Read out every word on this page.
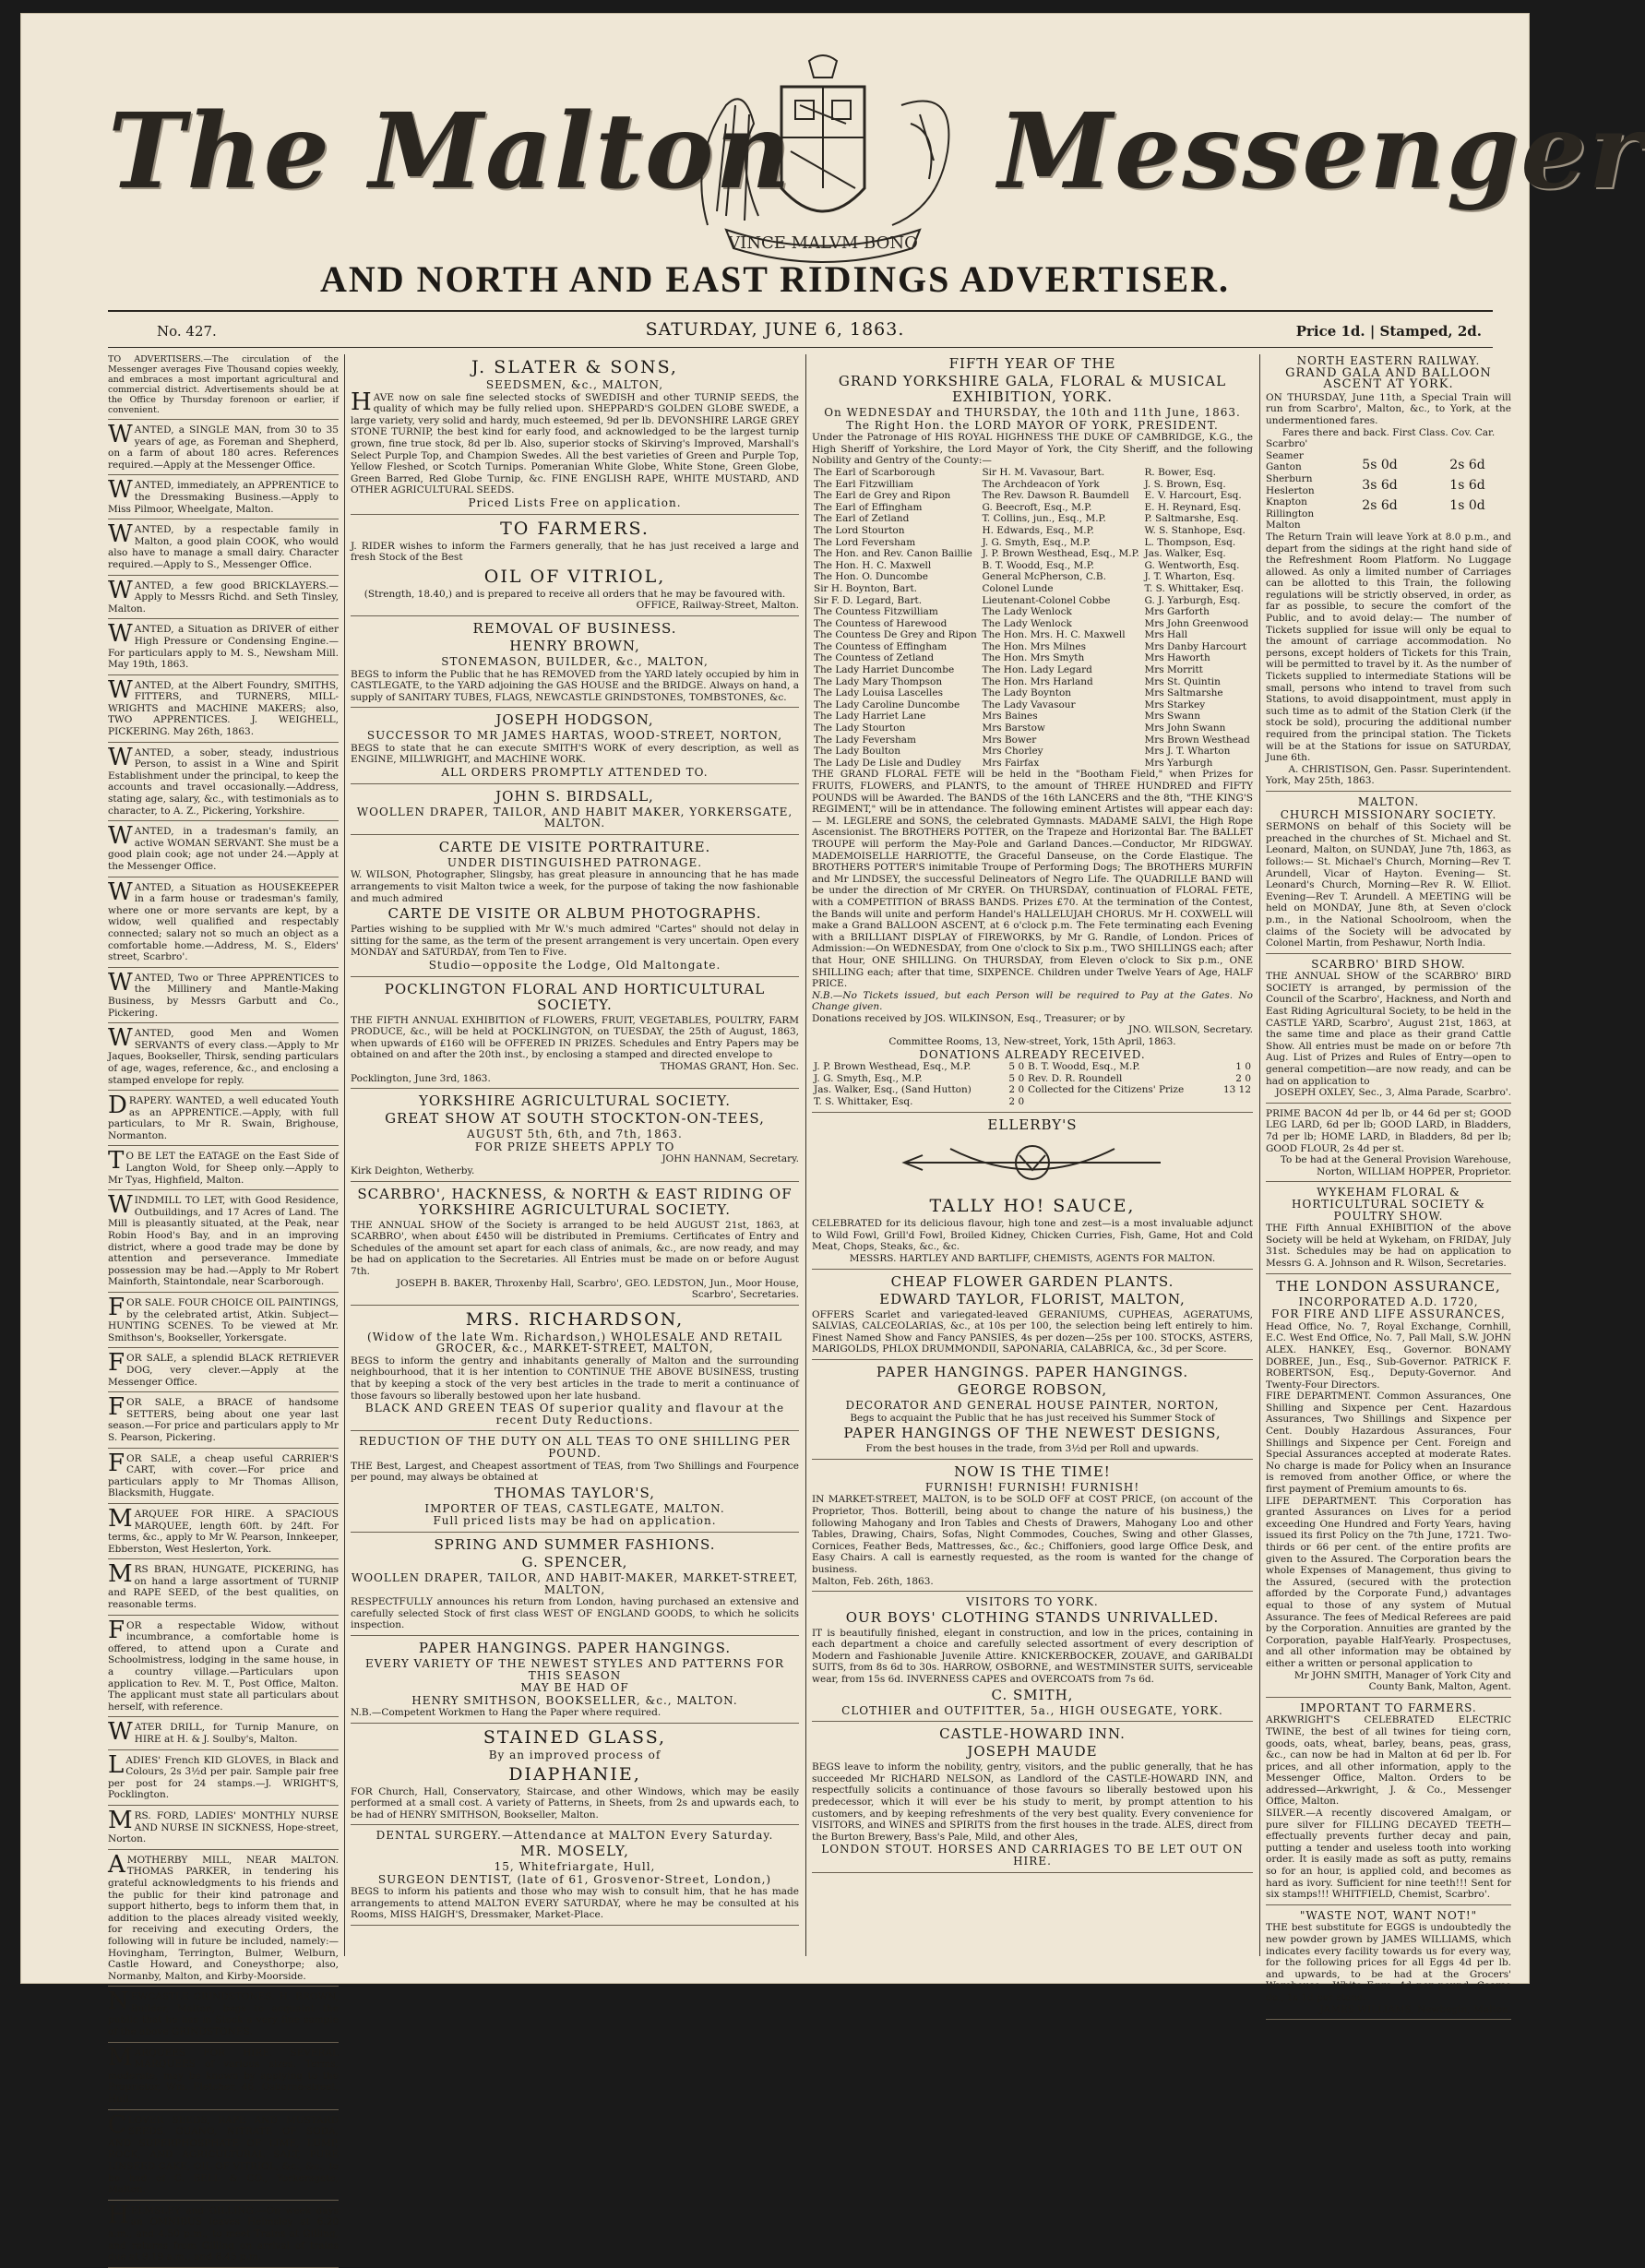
The Malton
VINCE MALVM BONO
Messenger
AND NORTH AND EAST RIDINGS ADVERTISER.
No. 427.	SATURDAY, JUNE 6, 1863.	Price 1d. | Stamped, 2d.

TO ADVERTISERS.—The circulation of the Messenger averages Five Thousand copies weekly, and embraces a most important agricultural and commercial district. Advertisements should be at the Office by Thursday forenoon or earlier, if convenient.

WANTED, a SINGLE MAN, from 30 to 35 years of age, as Foreman and Shepherd, on a farm of about 180 acres. References required.—Apply at the Messenger Office.

WANTED, immediately, an APPRENTICE to the Dressmaking Business.—Apply to Miss Pilmoor, Wheelgate, Malton.

WANTED, by a respectable family in Malton, a good plain COOK, who would also have to manage a small dairy. Character required.—Apply to S., Messenger Office.

WANTED, a few good BRICKLAYERS.—Apply to Messrs Richd. and Seth Tinsley, Malton.

WANTED, a Situation as DRIVER of either High Pressure or Condensing Engine.—For particulars apply to M. S., Newsham Mill. May 19th, 1863.

WANTED, at the Albert Foundry, SMITHS, FITTERS, and TURNERS, MILL-WRIGHTS and MACHINE MAKERS; also, TWO APPRENTICES. J. WEIGHELL, PICKERING. May 26th, 1863.

WANTED, a sober, steady, industrious Person, to assist in a Wine and Spirit Establishment under the principal, to keep the accounts and travel occasionally.—Address, stating age, salary, &c., with testimonials as to character, to A. Z., Pickering, Yorkshire.

WANTED, in a tradesman's family, an active WOMAN SERVANT. She must be a good plain cook; age not under 24.—Apply at the Messenger Office.

WANTED, a Situation as HOUSEKEEPER in a farm house or tradesman's family, where one or more servants are kept, by a widow, well qualified and respectably connected; salary not so much an object as a comfortable home.—Address, M. S., Elders' street, Scarbro'.

WANTED, Two or Three APPRENTICES to the Millinery and Mantle-Making Business, by Messrs Garbutt and Co., Pickering.

WANTED, good Men and Women SERVANTS of every class.—Apply to Mr Jaques, Bookseller, Thirsk, sending particulars of age, wages, reference, &c., and enclosing a stamped envelope for reply.

DRAPERY. WANTED, a well educated Youth as an APPRENTICE.—Apply, with full particulars, to Mr R. Swain, Brighouse, Normanton.

TO BE LET the EATAGE on the East Side of Langton Wold, for Sheep only.—Apply to Mr Tyas, Highfield, Malton.

WINDMILL TO LET, with Good Residence, Outbuildings, and 17 Acres of Land. The Mill is pleasantly situated, at the Peak, near Robin Hood's Bay, and in an improving district, where a good trade may be done by attention and perseverance. Immediate possession may be had.—Apply to Mr Robert Mainforth, Staintondale, near Scarborough.

FOR SALE. FOUR CHOICE OIL PAINTINGS, by the celebrated artist, Atkin. Subject—HUNTING SCENES. To be viewed at Mr. Smithson's, Bookseller, Yorkersgate.

FOR SALE, a splendid BLACK RETRIEVER DOG, very clever.—Apply at the Messenger Office.

FOR SALE, a BRACE of handsome SETTERS, being about one year last season.—For price and particulars apply to Mr S. Pearson, Pickering.

FOR SALE, a cheap useful CARRIER'S CART, with cover.—For price and particulars apply to Mr Thomas Allison, Blacksmith, Huggate.

MARQUEE FOR HIRE. A SPACIOUS MARQUEE, length 60ft. by 24ft. For terms, &c., apply to Mr W. Pearson, Innkeeper, Ebberston, West Heslerton, York.

MRS BRAN, HUNGATE, PICKERING, has on hand a large assortment of TURNIP and RAPE SEED, of the best qualities, on reasonable terms.

FOR a respectable Widow, without incumbrance, a comfortable home is offered, to attend upon a Curate and Schoolmistress, lodging in the same house, in a country village.—Particulars upon application to Rev. M. T., Post Office, Malton. The applicant must state all particulars about herself, with reference.

WATER DRILL, for Turnip Manure, on HIRE at H. & J. Soulby's, Malton.

LADIES' French KID GLOVES, in Black and Colours, 2s 3½d per pair. Sample pair free per post for 24 stamps.—J. WRIGHT'S, Pocklington.

MRS. FORD, LADIES' MONTHLY NURSE AND NURSE IN SICKNESS, Hope-street, Norton.

AMOTHERBY MILL, NEAR MALTON. THOMAS PARKER, in tendering his grateful acknowledgments to his friends and the public for their kind patronage and support hitherto, begs to inform them that, in addition to the places already visited weekly, for receiving and executing Orders, the following will in future be included, namely:—Hovingham, Terrington, Bulmer, Welburn, Castle Howard, and Coneysthorpe; also, Normanby, Malton, and Kirby-Moorside.

NEWCASTLE GRINDSTONES. H. BROWN, Builder, Malton, begs to acquaint the public that he has in Stock a very fine sample of the above GRINDSTONES.

MARQUEES FOR HIRE. SEVERAL MARQUEES of various sizes. Terms, moderate, may be known by applying to the Proprietor, Wm. Fletcher, 46, Osborne-street, Hull.

CLOVER SEEDS, RAPE AND MUSTARD SEEDS, GUANO, NITRATE OF SODA, AND SUPERPHOSPHATE OF LIME, LUMP, ROCK, AND AGRICULTURAL SALT, PURE LINSEED CAKE, OIL OF VITRIOL, &c., &c., to be had of C. BELL & CO., Yorkersgate, Malton.

HELMSLEY and GILLING.—On week days an OMNIBUS leaves Helmsley at 6.20 a.m., and 4.50 p.m., to meet Trains at Gilling, and returns from Gilling on arrival of trains due at 9.19 a.m., and 6.45 p.m.

J. SLATER & SONS,
SEEDSMEN, &c., MALTON,

HAVE now on sale fine selected stocks of SWEDISH and other TURNIP SEEDS, the quality of which may be fully relied upon. SHEPPARD'S GOLDEN GLOBE SWEDE, a large variety, very solid and hardy, much esteemed, 9d per lb. DEVONSHIRE LARGE GREY STONE TURNIP, the best kind for early food, and acknowledged to be the largest turnip grown, fine true stock, 8d per lb. Also, superior stocks of Skirving's Improved, Marshall's Select Purple Top, and Champion Swedes. All the best varieties of Green and Purple Top, Yellow Fleshed, or Scotch Turnips. Pomeranian White Globe, White Stone, Green Globe, Green Barred, Red Globe Turnip, &c. FINE ENGLISH RAPE, WHITE MUSTARD, AND OTHER AGRICULTURAL SEEDS.

Priced Lists Free on application.
TO FARMERS.

J. RIDER wishes to inform the Farmers generally, that he has just received a large and fresh Stock of the Best

OIL OF VITRIOL,

(Strength, 18.40,) and is prepared to receive all orders that he may be favoured with.

OFFICE, Railway-Street, Malton.

REMOVAL OF BUSINESS.
HENRY BROWN,
STONEMASON, BUILDER, &c., MALTON,

BEGS to inform the Public that he has REMOVED from the YARD lately occupied by him in CASTLEGATE, to the YARD adjoining the GAS HOUSE and the BRIDGE. Always on hand, a supply of SANITARY TUBES, FLAGS, NEWCASTLE GRINDSTONES, TOMBSTONES, &c.

JOSEPH HODGSON,
SUCCESSOR TO MR JAMES HARTAS, WOOD-STREET, NORTON,

BEGS to state that he can execute SMITH'S WORK of every description, as well as ENGINE, MILLWRIGHT, and MACHINE WORK.

ALL ORDERS PROMPTLY ATTENDED TO.
JOHN S. BIRDSALL,
WOOLLEN DRAPER, TAILOR, AND HABIT MAKER, YORKERSGATE, MALTON.
CARTE DE VISITE PORTRAITURE.
UNDER DISTINGUISHED PATRONAGE.

W. WILSON, Photographer, Slingsby, has great pleasure in announcing that he has made arrangements to visit Malton twice a week, for the purpose of taking the now fashionable and much admired

CARTE DE VISITE OR ALBUM PHOTOGRAPHS.

Parties wishing to be supplied with Mr W.'s much admired "Cartes" should not delay in sitting for the same, as the term of the present arrangement is very uncertain. Open every MONDAY and SATURDAY, from Ten to Five.

Studio—opposite the Lodge, Old Maltongate.
POCKLINGTON FLORAL AND HORTICULTURAL SOCIETY.

THE FIFTH ANNUAL EXHIBITION of FLOWERS, FRUIT, VEGETABLES, POULTRY, FARM PRODUCE, &c., will be held at POCKLINGTON, on TUESDAY, the 25th of August, 1863, when upwards of £160 will be OFFERED IN PRIZES. Schedules and Entry Papers may be obtained on and after the 20th inst., by enclosing a stamped and directed envelope to

THOMAS GRANT, Hon. Sec.

Pocklington, June 3rd, 1863.

YORKSHIRE AGRICULTURAL SOCIETY.
GREAT SHOW AT SOUTH STOCKTON-ON-TEES,
AUGUST 5th, 6th, and 7th, 1863.
FOR PRIZE SHEETS APPLY TO

JOHN HANNAM, Secretary.

Kirk Deighton, Wetherby.

SCARBRO', HACKNESS, & NORTH & EAST RIDING OF YORKSHIRE AGRICULTURAL SOCIETY.

THE ANNUAL SHOW of the Society is arranged to be held AUGUST 21st, 1863, at SCARBRO', when about £450 will be distributed in Premiums. Certificates of Entry and Schedules of the amount set apart for each class of animals, &c., are now ready, and may be had on application to the Secretaries. All Entries must be made on or before August 7th.

JOSEPH B. BAKER, Throxenby Hall, Scarbro', GEO. LEDSTON, Jun., Moor House, Scarbro', Secretaries.

MRS. RICHARDSON,
(Widow of the late Wm. Richardson,) WHOLESALE AND RETAIL GROCER, &c., MARKET-STREET, MALTON,

BEGS to inform the gentry and inhabitants generally of Malton and the surrounding neighbourhood, that it is her intention to CONTINUE THE ABOVE BUSINESS, trusting that by keeping a stock of the very best articles in the trade to merit a continuance of those favours so liberally bestowed upon her late husband.

BLACK AND GREEN TEAS Of superior quality and flavour at the recent Duty Reductions.
REDUCTION OF THE DUTY ON ALL TEAS TO ONE SHILLING PER POUND.

THE Best, Largest, and Cheapest assortment of TEAS, from Two Shillings and Fourpence per pound, may always be obtained at

THOMAS TAYLOR'S,
IMPORTER OF TEAS, CASTLEGATE, MALTON.
Full priced lists may be had on application.
SPRING AND SUMMER FASHIONS.
G. SPENCER,
WOOLLEN DRAPER, TAILOR, AND HABIT-MAKER, MARKET-STREET, MALTON,

RESPECTFULLY announces his return from London, having purchased an extensive and carefully selected Stock of first class WEST OF ENGLAND GOODS, to which he solicits inspection.

PAPER HANGINGS. PAPER HANGINGS.
EVERY VARIETY OF THE NEWEST STYLES AND PATTERNS FOR THIS SEASON
MAY BE HAD OF
HENRY SMITHSON, BOOKSELLER, &c., MALTON.

N.B.—Competent Workmen to Hang the Paper where required.

STAINED GLASS,
By an improved process of
DIAPHANIE,

FOR Church, Hall, Conservatory, Staircase, and other Windows, which may be easily performed at a small cost. A variety of Patterns, in Sheets, from 2s and upwards each, to be had of HENRY SMITHSON, Bookseller, Malton.

DENTAL SURGERY.—Attendance at MALTON Every Saturday.
MR. MOSELY,
15, Whitefriargate, Hull,
SURGEON DENTIST, (late of 61, Grosvenor-Street, London,)

BEGS to inform his patients and those who may wish to consult him, that he has made arrangements to attend MALTON EVERY SATURDAY, where he may be consulted at his Rooms, MISS HAIGH'S, Dressmaker, Market-Place.

FIFTH YEAR OF THE
GRAND YORKSHIRE GALA, FLORAL & MUSICAL EXHIBITION, YORK.
On WEDNESDAY and THURSDAY, the 10th and 11th June, 1863.
The Right Hon. the LORD MAYOR OF YORK, PRESIDENT.

Under the Patronage of HIS ROYAL HIGHNESS THE DUKE OF CAMBRIDGE, K.G., the High Sheriff of Yorkshire, the Lord Mayor of York, the City Sheriff, and the following Nobility and Gentry of the County:—

The Earl of Scarborough	Sir H. M. Vavasour, Bart.	R. Bower, Esq.
The Earl Fitzwilliam	The Archdeacon of York	J. S. Brown, Esq.
The Earl de Grey and Ripon	The Rev. Dawson R. Baumdell	E. V. Harcourt, Esq.
The Earl of Effingham	G. Beecroft, Esq., M.P.	E. H. Reynard, Esq.
The Earl of Zetland	T. Collins, jun., Esq., M.P.	P. Saltmarshe, Esq.
The Lord Stourton	H. Edwards, Esq., M.P.	W. S. Stanhope, Esq.
The Lord Feversham	J. G. Smyth, Esq., M.P.	L. Thompson, Esq.
The Hon. and Rev. Canon Baillie	J. P. Brown Westhead, Esq., M.P.	Jas. Walker, Esq.
The Hon. H. C. Maxwell	B. T. Woodd, Esq., M.P.	G. Wentworth, Esq.
The Hon. O. Duncombe	General McPherson, C.B.	J. T. Wharton, Esq.
Sir H. Boynton, Bart.	Colonel Lunde	T. S. Whittaker, Esq.
Sir F. D. Legard, Bart.	Lieutenant-Colonel Cobbe	G. J. Yarburgh, Esq.
The Countess Fitzwilliam	The Lady Wenlock	Mrs Garforth
The Countess of Harewood	The Lady Wenlock	Mrs John Greenwood
The Countess De Grey and Ripon	The Hon. Mrs. H. C. Maxwell	Mrs Hall
The Countess of Effingham	The Hon. Mrs Milnes	Mrs Danby Harcourt
The Countess of Zetland	The Hon. Mrs Smyth	Mrs Haworth
The Lady Harriet Duncombe	The Hon. Lady Legard	Mrs Morritt
The Lady Mary Thompson	The Hon. Mrs Harland	Mrs St. Quintin
The Lady Louisa Lascelles	The Lady Boynton	Mrs Saltmarshe
The Lady Caroline Duncombe	The Lady Vavasour	Mrs Starkey
The Lady Harriet Lane	Mrs Baines	Mrs Swann
The Lady Stourton	Mrs Barstow	Mrs John Swann
The Lady Feversham	Mrs Bower	Mrs Brown Westhead
The Lady Boulton	Mrs Chorley	Mrs J. T. Wharton
The Lady De Lisle and Dudley	Mrs Fairfax	Mrs Yarburgh

THE GRAND FLORAL FETE will be held in the "Bootham Field," when Prizes for FRUITS, FLOWERS, and PLANTS, to the amount of THREE HUNDRED and FIFTY POUNDS will be Awarded. The BANDS of the 16th LANCERS and the 8th, "THE KING'S REGIMENT," will be in attendance. The following eminent Artistes will appear each day:— M. LEGLERE and SONS, the celebrated Gymnasts. MADAME SALVI, the High Rope Ascensionist. The BROTHERS POTTER, on the Trapeze and Horizontal Bar. The BALLET TROUPE will perform the May-Pole and Garland Dances.—Conductor, Mr RIDGWAY. MADEMOISELLE HARRIOTTE, the Graceful Danseuse, on the Corde Elastique. The BROTHERS POTTER'S inimitable Troupe of Performing Dogs; The BROTHERS MURFIN and Mr LINDSEY, the successful Delineators of Negro Life. The QUADRILLE BAND will be under the direction of Mr CRYER. On THURSDAY, continuation of FLORAL FETE, with a COMPETITION of BRASS BANDS. Prizes £70. At the termination of the Contest, the Bands will unite and perform Handel's HALLELUJAH CHORUS. Mr H. COXWELL will make a Grand BALLOON ASCENT, at 6 o'clock p.m. The Fete terminating each Evening with a BRILLIANT DISPLAY of FIREWORKS, by Mr G. Randle, of London. Prices of Admission:—On WEDNESDAY, from One o'clock to Six p.m., TWO SHILLINGS each; after that Hour, ONE SHILLING. On THURSDAY, from Eleven o'clock to Six p.m., ONE SHILLING each; after that time, SIXPENCE. Children under Twelve Years of Age, HALF PRICE.

N.B.—No Tickets issued, but each Person will be required to Pay at the Gates. No Change given.

Donations received by JOS. WILKINSON, Esq., Treasurer; or by

JNO. WILSON, Secretary.

Committee Rooms, 13, New-street, York, 15th April, 1863.

DONATIONS ALREADY RECEIVED.
J. P. Brown Westhead, Esq., M.P.	5 0	B. T. Woodd, Esq., M.P.	1 0
J. G. Smyth, Esq., M.P.	5 0	Rev. D. R. Roundell	2 0
Jas. Walker, Esq., (Sand Hutton)	2 0	Collected for the Citizens' Prize	13 12
T. S. Whittaker, Esq.	2 0		
ELLERBY'S
TALLY HO! SAUCE,

CELEBRATED for its delicious flavour, high tone and zest—is a most invaluable adjunct to Wild Fowl, Grill'd Fowl, Broiled Kidney, Chicken Curries, Fish, Game, Hot and Cold Meat, Chops, Steaks, &c., &c.

MESSRS. HARTLEY AND BARTLIFF, CHEMISTS, AGENTS FOR MALTON.

CHEAP FLOWER GARDEN PLANTS.
EDWARD TAYLOR, FLORIST, MALTON,

OFFERS Scarlet and variegated-leaved GERANIUMS, CUPHEAS, AGERATUMS, SALVIAS, CALCEOLARIAS, &c., at 10s per 100, the selection being left entirely to him. Finest Named Show and Fancy PANSIES, 4s per dozen—25s per 100. STOCKS, ASTERS, MARIGOLDS, PHLOX DRUMMONDII, SAPONARIA, CALABRICA, &c., 3d per Score.

PAPER HANGINGS. PAPER HANGINGS.
GEORGE ROBSON,
DECORATOR AND GENERAL HOUSE PAINTER, NORTON,

Begs to acquaint the Public that he has just received his Summer Stock of

PAPER HANGINGS OF THE NEWEST DESIGNS,

From the best houses in the trade, from 3½d per Roll and upwards.

NOW IS THE TIME!
FURNISH! FURNISH! FURNISH!

IN MARKET-STREET, MALTON, is to be SOLD OFF at COST PRICE, (on account of the Proprietor, Thos. Botterill, being about to change the nature of his business,) the following Mahogany and Iron Tables and Chests of Drawers, Mahogany Loo and other Tables, Drawing, Chairs, Sofas, Night Commodes, Couches, Swing and other Glasses, Cornices, Feather Beds, Mattresses, &c., &c.; Chiffoniers, good large Office Desk, and Easy Chairs. A call is earnestly requested, as the room is wanted for the change of business.

Malton, Feb. 26th, 1863.

VISITORS TO YORK.
OUR BOYS' CLOTHING STANDS UNRIVALLED.

IT is beautifully finished, elegant in construction, and low in the prices, containing in each department a choice and carefully selected assortment of every description of Modern and Fashionable Juvenile Attire. KNICKERBOCKER, ZOUAVE, and GARIBALDI SUITS, from 8s 6d to 30s. HARROW, OSBORNE, and WESTMINSTER SUITS, serviceable wear, from 15s 6d. INVERNESS CAPES and OVERCOATS from 7s 6d.

C. SMITH,
CLOTHIER and OUTFITTER, 5a., HIGH OUSEGATE, YORK.
CASTLE-HOWARD INN.
JOSEPH MAUDE

BEGS leave to inform the nobility, gentry, visitors, and the public generally, that he has succeeded Mr RICHARD NELSON, as Landlord of the CASTLE-HOWARD INN, and respectfully solicits a continuance of those favours so liberally bestowed upon his predecessor, which it will ever be his study to merit, by prompt attention to his customers, and by keeping refreshments of the very best quality. Every convenience for VISITORS, and WINES and SPIRITS from the first houses in the trade. ALES, direct from the Burton Brewery, Bass's Pale, Mild, and other Ales,

LONDON STOUT. HORSES AND CARRIAGES TO BE LET OUT ON HIRE.
NORTH EASTERN RAILWAY.
GRAND GALA AND BALLOON ASCENT AT YORK.

ON THURSDAY, June 11th, a Special Train will run from Scarbro', Malton, &c., to York, at the undermentioned fares.

Fares there and back. First Class. Cov. Car.

Scarbro'
Seamer
Ganton
Sherburn
Heslerton
Knapton
Rillington
Malton
5s 0d	2s 6d
3s 6d	1s 6d
2s 6d	1s 0d

The Return Train will leave York at 8.0 p.m., and depart from the sidings at the right hand side of the Refreshment Room Platform. No Luggage allowed. As only a limited number of Carriages can be allotted to this Train, the following regulations will be strictly observed, in order, as far as possible, to secure the comfort of the Public, and to avoid delay:— The number of Tickets supplied for issue will only be equal to the amount of carriage accommodation. No persons, except holders of Tickets for this Train, will be permitted to travel by it. As the number of Tickets supplied to intermediate Stations will be small, persons who intend to travel from such Stations, to avoid disappointment, must apply in such time as to admit of the Station Clerk (if the stock be sold), procuring the additional number required from the principal station. The Tickets will be at the Stations for issue on SATURDAY, June 6th.

A. CHRISTISON, Gen. Passr. Superintendent.

York, May 25th, 1863.

MALTON.
CHURCH MISSIONARY SOCIETY.

SERMONS on behalf of this Society will be preached in the churches of St. Michael and St. Leonard, Malton, on SUNDAY, June 7th, 1863, as follows:— St. Michael's Church, Morning—Rev T. Arundell, Vicar of Hayton. Evening— St. Leonard's Church, Morning—Rev R. W. Elliot. Evening—Rev T. Arundell. A MEETING will be held on MONDAY, June 8th, at Seven o'clock p.m., in the National Schoolroom, when the claims of the Society will be advocated by Colonel Martin, from Peshawur, North India.

SCARBRO' BIRD SHOW.

THE ANNUAL SHOW of the SCARBRO' BIRD SOCIETY is arranged, by permission of the Council of the Scarbro', Hackness, and North and East Riding Agricultural Society, to be held in the CASTLE YARD, Scarbro', August 21st, 1863, at the same time and place as their grand Cattle Show. All entries must be made on or before 7th Aug. List of Prizes and Rules of Entry—open to general competition—are now ready, and can be had on application to

JOSEPH OXLEY, Sec., 3, Alma Parade, Scarbro'.

PRIME BACON 4d per lb, or 44 6d per st; GOOD LEG LARD, 6d per lb; GOOD LARD, in Bladders, 7d per lb; HOME LARD, in Bladders, 8d per lb; GOOD FLOUR, 2s 4d per st.

To be had at the General Provision Warehouse, Norton, WILLIAM HOPPER, Proprietor.

WYKEHAM FLORAL & HORTICULTURAL SOCIETY & POULTRY SHOW.

THE Fifth Annual EXHIBITION of the above Society will be held at Wykeham, on FRIDAY, July 31st. Schedules may be had on application to Messrs G. A. Johnson and R. Wilson, Secretaries.

THE LONDON ASSURANCE,
INCORPORATED A.D. 1720,
FOR FIRE AND LIFE ASSURANCES,

Head Office, No. 7, Royal Exchange, Cornhill, E.C. West End Office, No. 7, Pall Mall, S.W. JOHN ALEX. HANKEY, Esq., Governor. BONAMY DOBREE, Jun., Esq., Sub-Governor. PATRICK F. ROBERTSON, Esq., Deputy-Governor. And Twenty-Four Directors.

FIRE DEPARTMENT. Common Assurances, One Shilling and Sixpence per Cent. Hazardous Assurances, Two Shillings and Sixpence per Cent. Doubly Hazardous Assurances, Four Shillings and Sixpence per Cent. Foreign and Special Assurances accepted at moderate Rates. No charge is made for Policy when an Insurance is removed from another Office, or where the first payment of Premium amounts to 6s.

LIFE DEPARTMENT. This Corporation has granted Assurances on Lives for a period exceeding One Hundred and Forty Years, having issued its first Policy on the 7th June, 1721. Two-thirds or 66 per cent. of the entire profits are given to the Assured. The Corporation bears the whole Expenses of Management, thus giving to the Assured, (secured with the protection afforded by the Corporate Fund,) advantages equal to those of any system of Mutual Assurance. The fees of Medical Referees are paid by the Corporation. Annuities are granted by the Corporation, payable Half-Yearly. Prospectuses, and all other information may be obtained by either a written or personal application to

Mr JOHN SMITH, Manager of York City and County Bank, Malton, Agent.

IMPORTANT TO FARMERS.

ARKWRIGHT'S CELEBRATED ELECTRIC TWINE, the best of all twines for tieing corn, goods, oats, wheat, barley, beans, peas, grass, &c., can now be had in Malton at 6d per lb. For prices, and all other information, apply to the Messenger Office, Malton. Orders to be addressed—Arkwright, J. & Co., Messenger Office, Malton.

SILVER.—A recently discovered Amalgam, or pure silver for FILLING DECAYED TEETH—effectually prevents further decay and pain, putting a tender and useless tooth into working order. It is easily made as soft as putty, remains so for an hour, is applied cold, and becomes as hard as ivory. Sufficient for nine teeth!!! Sent for six stamps!!! WHITFIELD, Chemist, Scarbro'.

"WASTE NOT, WANT NOT!"

THE best substitute for EGGS is undoubtedly the new powder grown by JAMES WILLIAMS, which indicates every facility towards us for every way, for the following prices for all Eggs 4d per lb. and upwards, to be had at the Grocers' Warehouse.—White Eggs, 4d per pound. Coarse do., 1s 1d per stone.

JAMES WILLIAMS, Newbegin, Malton.
